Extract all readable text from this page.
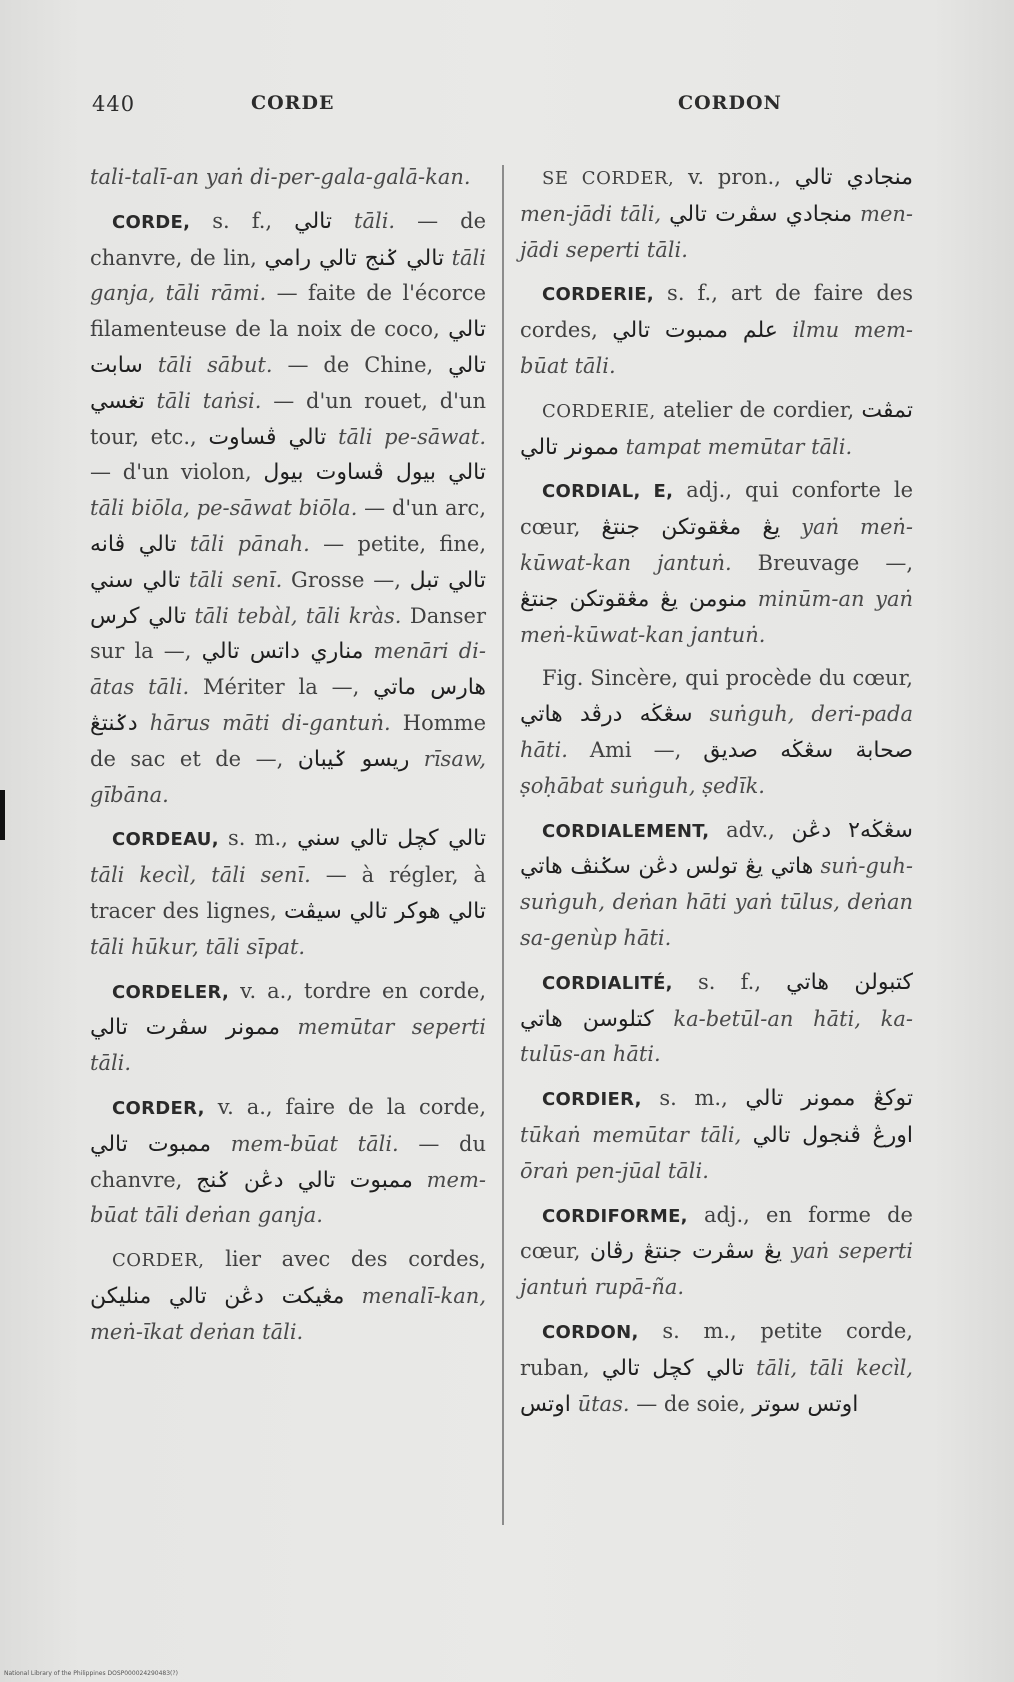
440	CORDE	CORDON

tali-talī-an yaṅ di-per-gala-galā-kan.

CORDE, s. f., تالي tāli. — de chanvre, de lin, تالي ݢنج تالي رامي tāli ganja, tāli rāmi. — faite de l'écorce filamenteuse de la noix de coco, تالي سابت tāli sābut. — de Chine, تالي تغسي tāli taṅsi. — d'un rouet, d'un tour, etc., تالي ڤساوت tāli pe-sāwat. — d'un violon, تالي بيول ڤساوت بيول tāli biōla, pe-sāwat biōla. — d'un arc, تالي ڤانه tāli pānah. — petite, fine, تالي سني tāli senī. Grosse —, تالي تبل تالي كرس tāli tebàl, tāli kràs. Danser sur la —, مناري داتس تالي menāri di-ātas tāli. Mériter la —, هارس ماتي دݢنتڠ hārus māti di-gantuṅ. Homme de sac et de —, ريسو ݢيبان rīsaw, gībāna.

CORDEAU, s. m., تالي كچل تالي سني tāli kecìl, tāli senī. — à régler, à tracer des lignes, تالي هوكر تالي سيڤت tāli hūkur, tāli sīpat.

CORDELER, v. a., tordre en corde, ممونر سڤرت تالي memūtar seperti tāli.

CORDER, v. a., faire de la corde, ممبوت تالي mem-būat tāli. — du chanvre, ممبوت تالي دڠن ݢنج mem-būat tāli deṅan ganja.

CORDER, lier avec des cordes, مڠيكت دڠن تالي منليكن menalī-kan, meṅ-īkat deṅan tāli.

SE CORDER, v. pron., منجادي تالي men-jādi tāli, منجادي سڤرت تالي men-jādi seperti tāli.

CORDERIE, s. f., art de faire des cordes, علم ممبوت تالي ilmu mem-būat tāli.

CORDERIE, atelier de cordier, تمڤت ممونر تالي tampat memūtar tāli.

CORDIAL, E, adj., qui conforte le cœur, يڠ مڠقوتكن جنتڠ yaṅ meṅ-kūwat-kan jantuṅ. Breuvage —, منومن يڠ مڠقوتكن جنتڠ minūm-an yaṅ meṅ-kūwat-kan jantuṅ.

Fig. Sincère, qui procède du cœur, سڠڬه درڤد هاتي suṅguh, deri-pada hāti. Ami —, صحابة سڠڬه صديق ṣoḥābat suṅguh, ṣedīk.

CORDIALEMENT, adv., سڠڬه٢ دڠن هاتي يڠ تولس دڠن سݢنڤ هاتي suṅ-guh-suṅguh, deṅan hāti yaṅ tūlus, deṅan sa-genùp hāti.

CORDIALITÉ, s. f., كتبولن هاتي كتلوسن هاتي ka-betūl-an hāti, ka-tulūs-an hāti.

CORDIER, s. m., توكڠ ممونر تالي tūkaṅ memūtar tāli, اورڠ ڤنجول تالي ōraṅ pen-jūal tāli.

CORDIFORME, adj., en forme de cœur, يڠ سڤرت جنتڠ رڤان yaṅ seperti jantuṅ rupā-ña.

CORDON, s. m., petite corde, ruban, تالي كچل تالي tāli, tāli kecìl, اوتس ūtas. — de soie, اوتس سوتر

National Library of the Philippines DOSP000024290483(?)
